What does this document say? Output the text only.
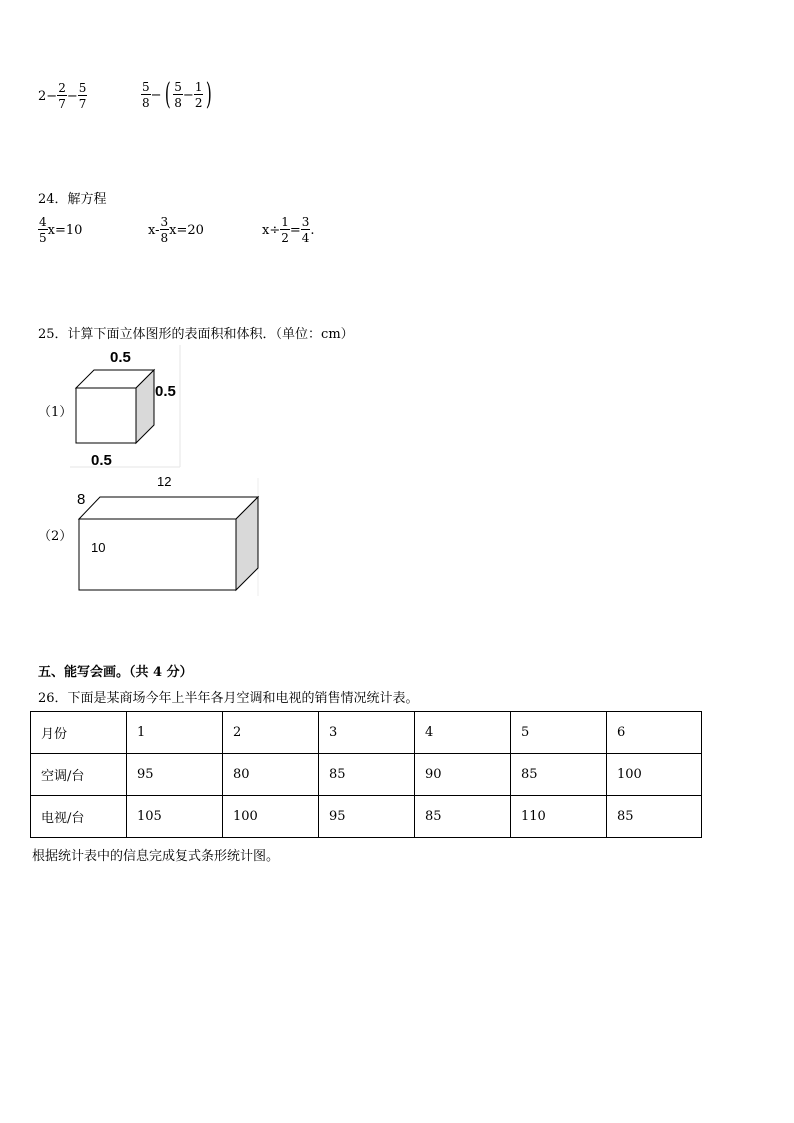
$2 - \frac{2}{7} - \frac{5}{7}$	$\frac{5}{8}$ − ( $\frac{5}{8} - \frac{1}{2}$ )
24．解方程
$\frac{4}{5} x=10$	$x- \frac{3}{8} x=20$	$x\div \frac{1}{2} = \frac{3}{4}$ .
25．计算下面立体图形的表面积和体积．（单位：cm）
（1）
0.5
0.5
0.5
（2）
12
8
10
五、能写会画。（共 4 分）
26．下面是某商场今年上半年各月空调和电视的销售情况统计表。
月份	1	2	3	4	5	6
空调/台	95	80	85	90	85	100
电视/台	105	100	95	85	110	85
根据统计表中的信息完成复式条形统计图。
